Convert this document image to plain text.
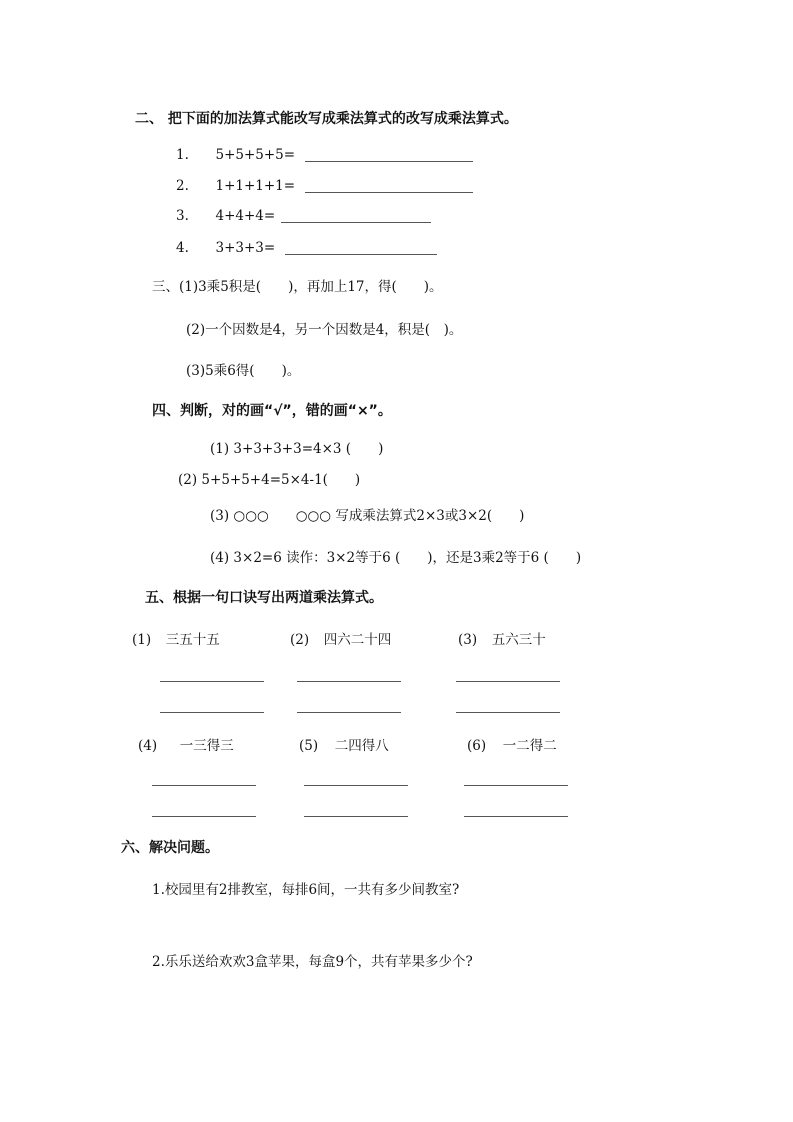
二、 把下面的加法算式能改写成乘法算式的改写成乘法算式。
1. 5+5+5+5=
2. 1+1+1+1=
3. 4+4+4=
4. 3+3+3=
三、(1)3乘5积是(　　)，再加上17，得(　　)。
(2)一个因数是4，另一个因数是4，积是(　)。
(3)5乘6得(　　)。
四、判断，对的画“√”，错的画“×”。
(1) 3+3+3+3=4×3 (　　)
(2) 5+5+5+4=5×4-1(　　)
(3) ○○○　　○○○ 写成乘法算式2×3或3×2(　　)
(4) 3×2=6 读作：3×2等于6 (　　)，还是3乘2等于6 (　　)
五、根据一句口诀写出两道乘法算式。
(1) 三五十五	(2) 四六二十四	(3) 五六三十
(4) 一三得三	(5) 二四得八	(6) 一二得二
六、解决问题。
1.校园里有2排教室，每排6间，一共有多少间教室?
2.乐乐送给欢欢3盒苹果，每盒9个，共有苹果多少个?
